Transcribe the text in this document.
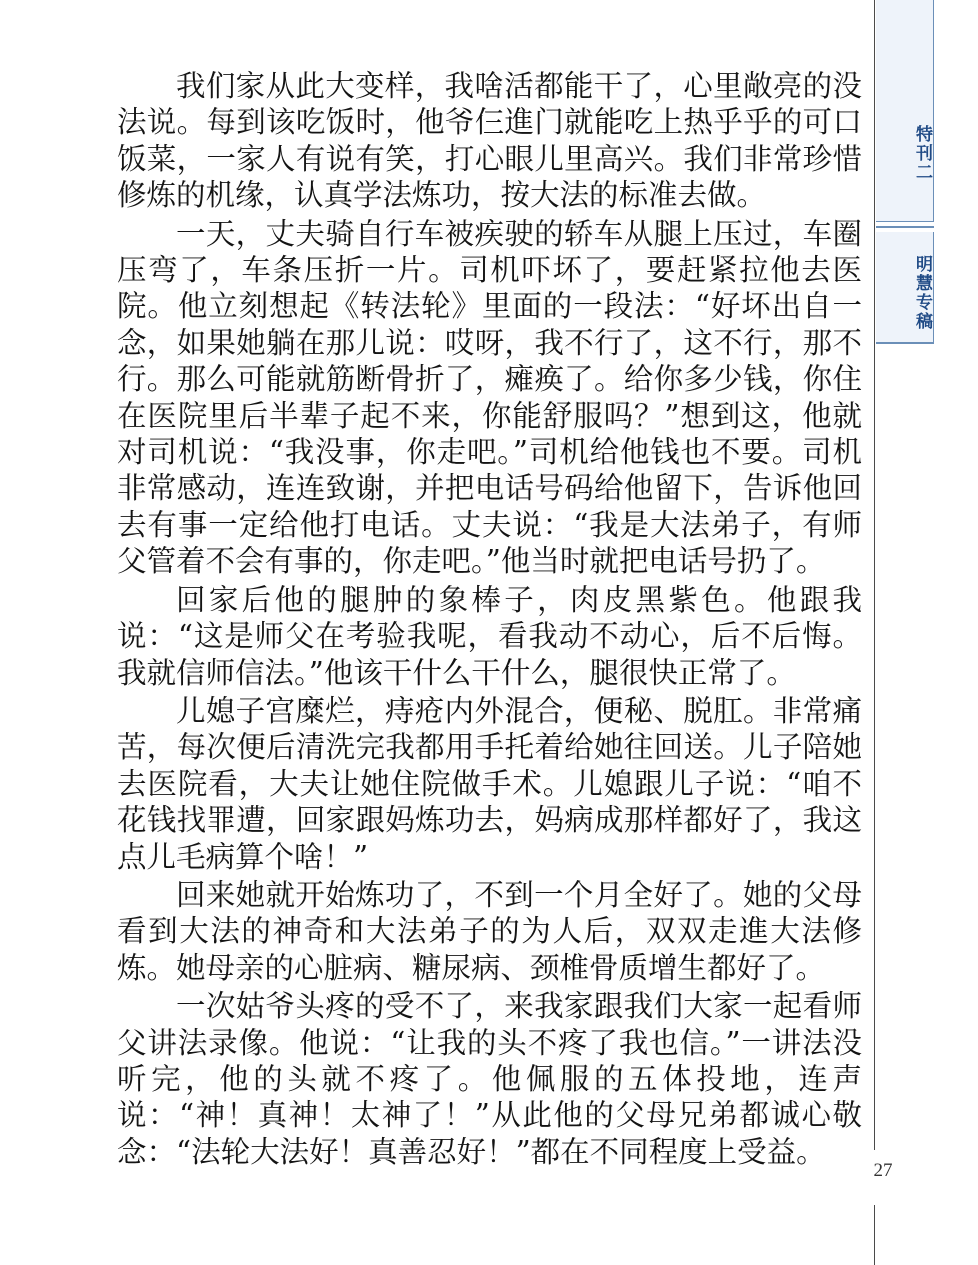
我们家从此大变样，我啥活都能干了，心里敞亮的没法说。每到该吃饭时，他爷仨進门就能吃上热乎乎的可口饭菜，一家人有说有笑，打心眼儿里高兴。我们非常珍惜修炼的机缘，认真学法炼功，按大法的标准去做。

一天，丈夫骑自行车被疾驶的轿车从腿上压过，车圈压弯了，车条压折一片。司机吓坏了，要赶紧拉他去医院。他立刻想起《转法轮》里面的一段法：“好坏出自一念，如果她躺在那儿说：哎呀，我不行了，这不行，那不行。那么可能就筋断骨折了，瘫痪了。给你多少钱，你住在医院里后半辈子起不来，你能舒服吗？”想到这，他就对司机说：“我没事，你走吧。”司机给他钱也不要。司机非常感动，连连致谢，并把电话号码给他留下，告诉他回去有事一定给他打电话。丈夫说：“我是大法弟子，有师父管着不会有事的，你走吧。”他当时就把电话号扔了。

回家后他的腿肿的象棒子，肉皮黑紫色。他跟我说：“这是师父在考验我呢，看我动不动心，后不后悔。我就信师信法。”他该干什么干什么，腿很快正常了。

儿媳子宫糜烂，痔疮内外混合，便秘、脱肛。非常痛苦，每次便后清洗完我都用手托着给她往回送。儿子陪她去医院看，大夫让她住院做手术。儿媳跟儿子说：“咱不花钱找罪遭，回家跟妈炼功去，妈病成那样都好了，我这点儿毛病算个啥！”

回来她就开始炼功了，不到一个月全好了。她的父母看到大法的神奇和大法弟子的为人后，双双走進大法修炼。她母亲的心脏病、糖尿病、颈椎骨质增生都好了。

一次姑爷头疼的受不了，来我家跟我们大家一起看师父讲法录像。他说：“让我的头不疼了我也信。”一讲法没听完，他的头就不疼了。他佩服的五体投地，连声说：“神！真神！太神了！”从此他的父母兄弟都诚心敬念：“法轮大法好！真善忍好！”都在不同程度上受益。

特刊二
明慧专稿
27
